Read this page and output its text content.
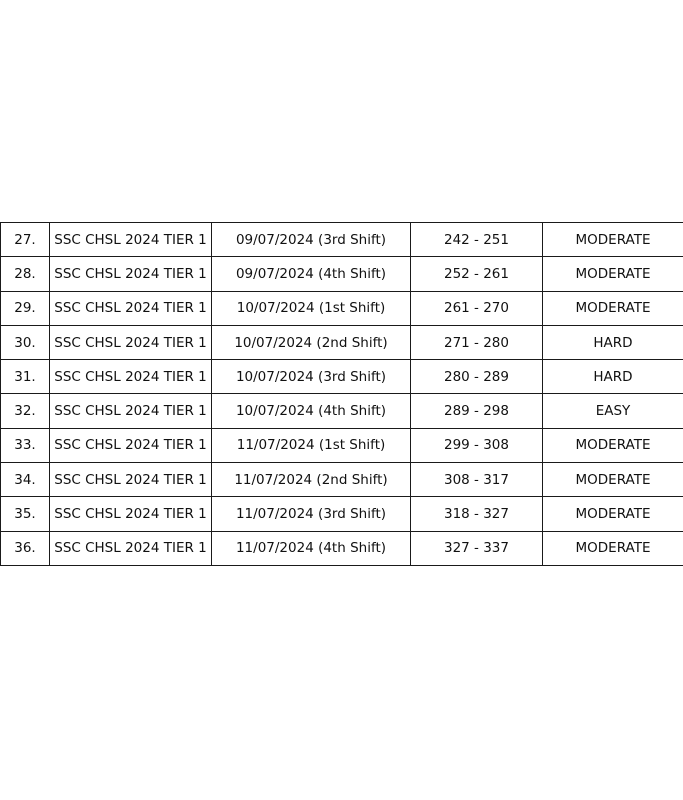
27.	SSC CHSL 2024 TIER 1	09/07/2024 (3rd Shift)	242 - 251	MODERATE
28.	SSC CHSL 2024 TIER 1	09/07/2024 (4th Shift)	252 - 261	MODERATE
29.	SSC CHSL 2024 TIER 1	10/07/2024 (1st Shift)	261 - 270	MODERATE
30.	SSC CHSL 2024 TIER 1	10/07/2024 (2nd Shift)	271 - 280	HARD
31.	SSC CHSL 2024 TIER 1	10/07/2024 (3rd Shift)	280 - 289	HARD
32.	SSC CHSL 2024 TIER 1	10/07/2024 (4th Shift)	289 - 298	EASY
33.	SSC CHSL 2024 TIER 1	11/07/2024 (1st Shift)	299 - 308	MODERATE
34.	SSC CHSL 2024 TIER 1	11/07/2024 (2nd Shift)	308 - 317	MODERATE
35.	SSC CHSL 2024 TIER 1	11/07/2024 (3rd Shift)	318 - 327	MODERATE
36.	SSC CHSL 2024 TIER 1	11/07/2024 (4th Shift)	327 - 337	MODERATE
